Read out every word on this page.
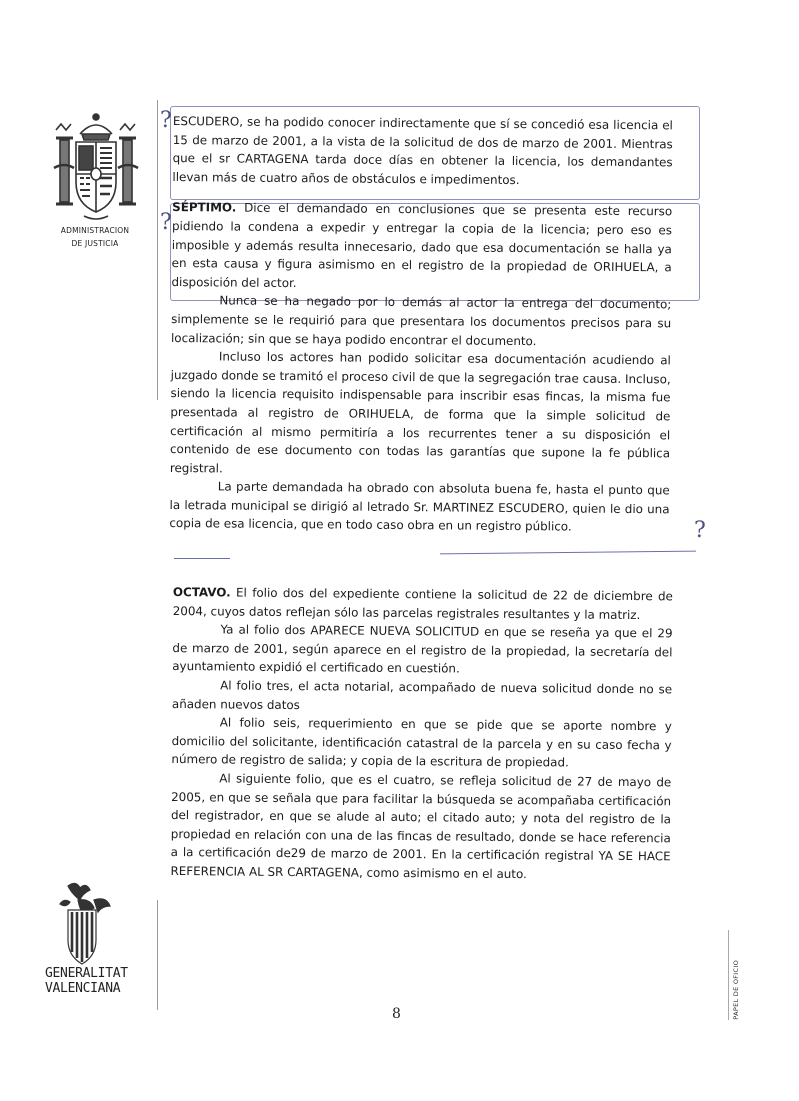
ADMINISTRACION
DE JUSTICIA
GENERALITAT
VALENCIANA	PAPEL DE OFICIO
?
?
?

ESCUDERO, se ha podido conocer indirectamente que sí se concedió esa licencia el 15 de marzo de 2001, a la vista de la solicitud de dos de marzo de 2001. Mientras que el sr CARTAGENA tarda doce días en obtener la licencia, los demandantes llevan más de cuatro años de obstáculos e impedimentos.

SÉPTIMO. Dice el demandado en conclusiones que se presenta este recurso pidiendo la condena a expedir y entregar la copia de la licencia; pero eso es imposible y además resulta innecesario, dado que esa documentación se halla ya en esta causa y figura asimismo en el registro de la propiedad de ORIHUELA, a disposición del actor.

Nunca se ha negado por lo demás al actor la entrega del documento; simplemente se le requirió para que presentara los documentos precisos para su localización; sin que se haya podido encontrar el documento.

Incluso los actores han podido solicitar esa documentación acudiendo al juzgado donde se tramitó el proceso civil de que la segregación trae causa. Incluso, siendo la licencia requisito indispensable para inscribir esas fincas, la misma fue presentada al registro de ORIHUELA, de forma que la simple solicitud de certificación al mismo permitiría a los recurrentes tener a su disposición el contenido de ese documento con todas las garantías que supone la fe pública registral.

La parte demandada ha obrado con absoluta buena fe, hasta el punto que la letrada municipal se dirigió al letrado Sr. MARTINEZ ESCUDERO, quien le dio una copia de esa licencia, que en todo caso obra en un registro público.

OCTAVO. El folio dos del expediente contiene la solicitud de 22 de diciembre de 2004, cuyos datos reflejan sólo las parcelas registrales resultantes y la matriz.

Ya al folio dos APARECE NUEVA SOLICITUD en que se reseña ya que el 29 de marzo de 2001, según aparece en el registro de la propiedad, la secretaría del ayuntamiento expidió el certificado en cuestión.

Al folio tres, el acta notarial, acompañado de nueva solicitud donde no se añaden nuevos datos

Al folio seis, requerimiento en que se pide que se aporte nombre y domicilio del solicitante, identificación catastral de la parcela y en su caso fecha y número de registro de salida; y copia de la escritura de propiedad.

Al siguiente folio, que es el cuatro, se refleja solicitud de 27 de mayo de 2005, en que se señala que para facilitar la búsqueda se acompañaba certificación del registrador, en que se alude al auto; el citado auto; y nota del registro de la propiedad en relación con una de las fincas de resultado, donde se hace referencia a la certificación de29 de marzo de 2001. En la certificación registral YA SE HACE REFERENCIA AL SR CARTAGENA, como asimismo en el auto.

8
